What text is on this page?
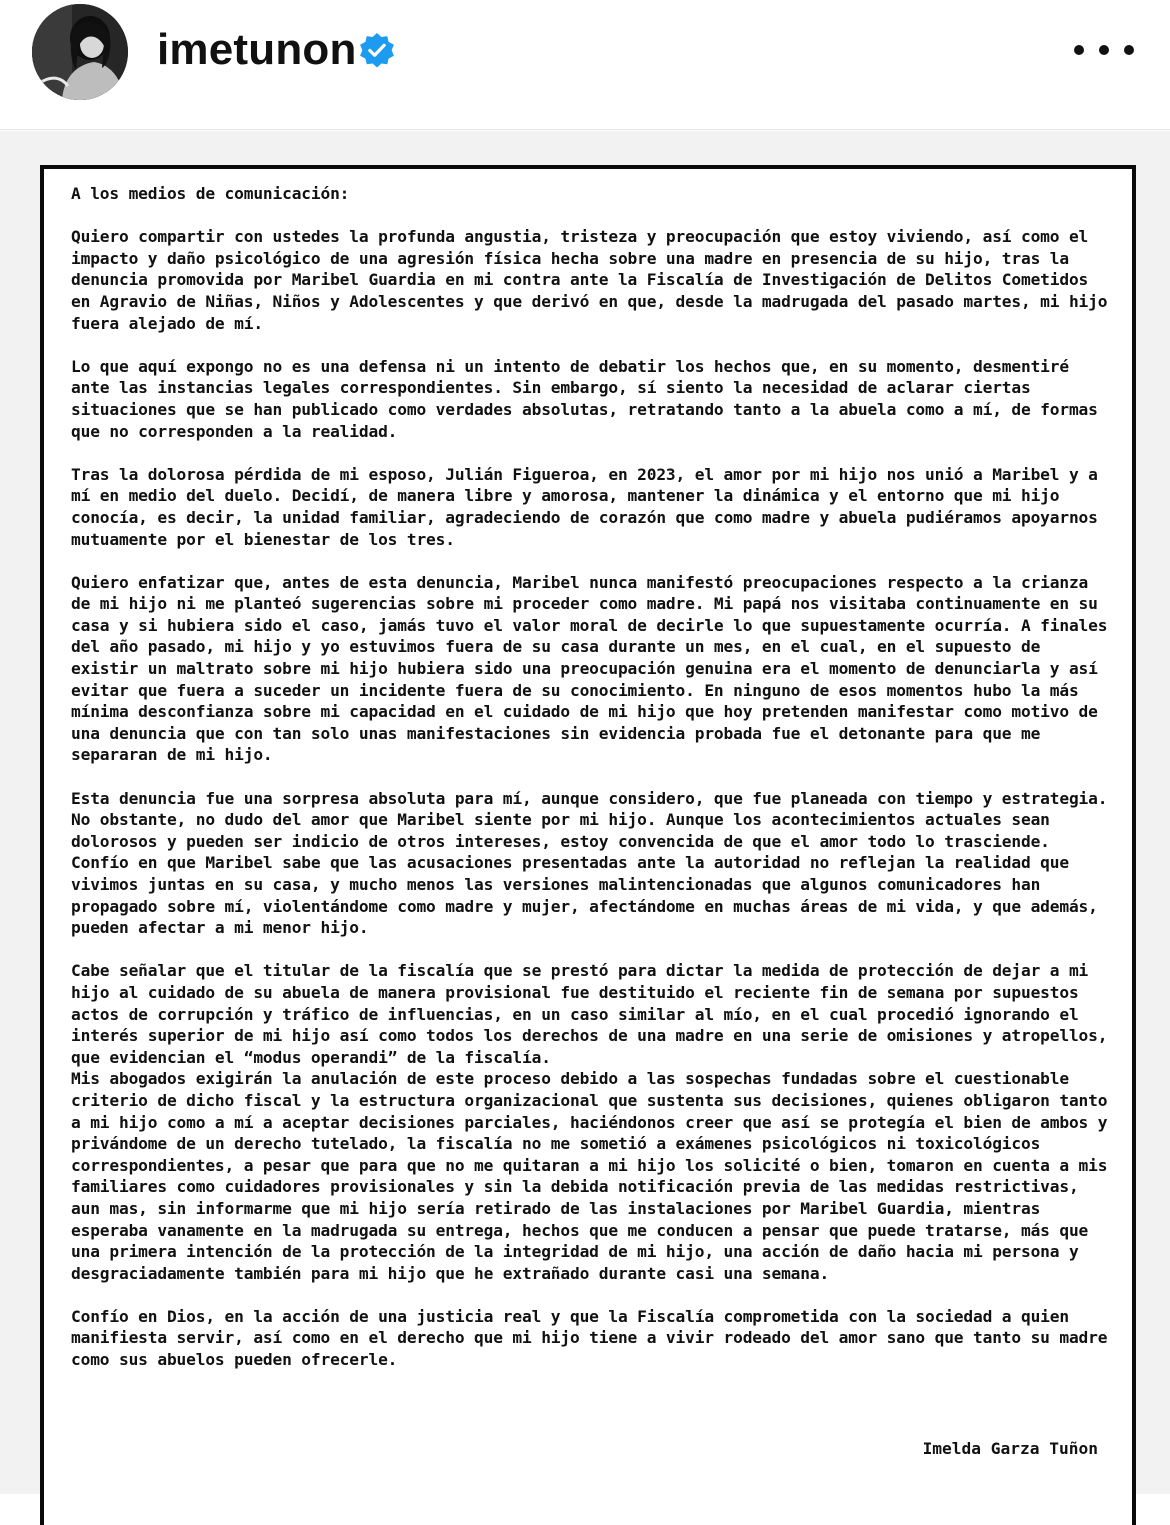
imetunon

A los medios de comunicación:

Quiero compartir con ustedes la profunda angustia, tristeza y preocupación que estoy viviendo, así como el impacto y daño psicológico de una agresión física hecha sobre una madre en presencia de su hijo, tras la denuncia promovida por Maribel Guardia en mi contra ante la Fiscalía de Investigación de Delitos Cometidos en Agravio de Niñas, Niños y Adolescentes y que derivó en que, desde la madrugada del pasado martes, mi hijo fuera alejado de mí.

Lo que aquí expongo no es una defensa ni un intento de debatir los hechos que, en su momento, desmentiré ante las instancias legales correspondientes. Sin embargo, sí siento la necesidad de aclarar ciertas situaciones que se han publicado como verdades absolutas, retratando tanto a la abuela como a mí, de formas que no corresponden a la realidad.

Tras la dolorosa pérdida de mi esposo, Julián Figueroa, en 2023, el amor por mi hijo nos unió a Maribel y a mí en medio del duelo. Decidí, de manera libre y amorosa, mantener la dinámica y el entorno que mi hijo conocía, es decir, la unidad familiar, agradeciendo de corazón que como madre y abuela pudiéramos apoyarnos mutuamente por el bienestar de los tres.

Quiero enfatizar que, antes de esta denuncia, Maribel nunca manifestó preocupaciones respecto a la crianza de mi hijo ni me planteó sugerencias sobre mi proceder como madre. Mi papá nos visitaba continuamente en su casa y si hubiera sido el caso, jamás tuvo el valor moral de decirle lo que supuestamente ocurría. A finales del año pasado, mi hijo y yo estuvimos fuera de su casa durante un mes, en el cual, en el supuesto de existir un maltrato sobre mi hijo hubiera sido una preocupación genuina era el momento de denunciarla y así evitar que fuera a suceder un incidente fuera de su conocimiento. En ninguno de esos momentos hubo la más mínima desconfianza sobre mi capacidad en el cuidado de mi hijo que hoy pretenden manifestar como motivo de una denuncia que con tan solo unas manifestaciones sin evidencia probada fue el detonante para que me separaran de mi hijo.

Esta denuncia fue una sorpresa absoluta para mí, aunque considero, que fue planeada con tiempo y estrategia. No obstante, no dudo del amor que Maribel siente por mi hijo. Aunque los acontecimientos actuales sean dolorosos y pueden ser indicio de otros intereses, estoy convencida de que el amor todo lo trasciende. Confío en que Maribel sabe que las acusaciones presentadas ante la autoridad no reflejan la realidad que vivimos juntas en su casa, y mucho menos las versiones malintencionadas que algunos comunicadores han propagado sobre mí, violentándome como madre y mujer, afectándome en muchas áreas de mi vida, y que además, pueden afectar a mi menor hijo.

Cabe señalar que el titular de la fiscalía que se prestó para dictar la medida de protección de dejar a mi hijo al cuidado de su abuela de manera provisional fue destituido el reciente fin de semana por supuestos actos de corrupción y tráfico de influencias, en un caso similar al mío, en el cual procedió ignorando el interés superior de mi hijo así como todos los derechos de una madre en una serie de omisiones y atropellos, que evidencian el “modus operandi” de la fiscalía.

Mis abogados exigirán la anulación de este proceso debido a las sospechas fundadas sobre el cuestionable criterio de dicho fiscal y la estructura organizacional que sustenta sus decisiones, quienes obligaron tanto a mi hijo como a mí a aceptar decisiones parciales, haciéndonos creer que así se protegía el bien de ambos y privándome de un derecho tutelado, la fiscalía no me sometió a exámenes psicológicos ni toxicológicos correspondientes, a pesar que para que no me quitaran a mi hijo los solicité o bien, tomaron en cuenta a mis familiares como cuidadores provisionales y sin la debida notificación previa de las medidas restrictivas, aun mas, sin informarme que mi hijo sería retirado de las instalaciones por Maribel Guardia, mientras esperaba vanamente en la madrugada su entrega, hechos que me conducen a pensar que puede tratarse, más que una primera intención de la protección de la integridad de mi hijo, una acción de daño hacia mi persona y desgraciadamente también para mi hijo que he extrañado durante casi una semana.

Confío en Dios, en la acción de una justicia real y que la Fiscalía comprometida con la sociedad a quien manifiesta servir, así como en el derecho que mi hijo tiene a vivir rodeado del amor sano que tanto su madre como sus abuelos pueden ofrecerle.

Imelda Garza Tuñon
